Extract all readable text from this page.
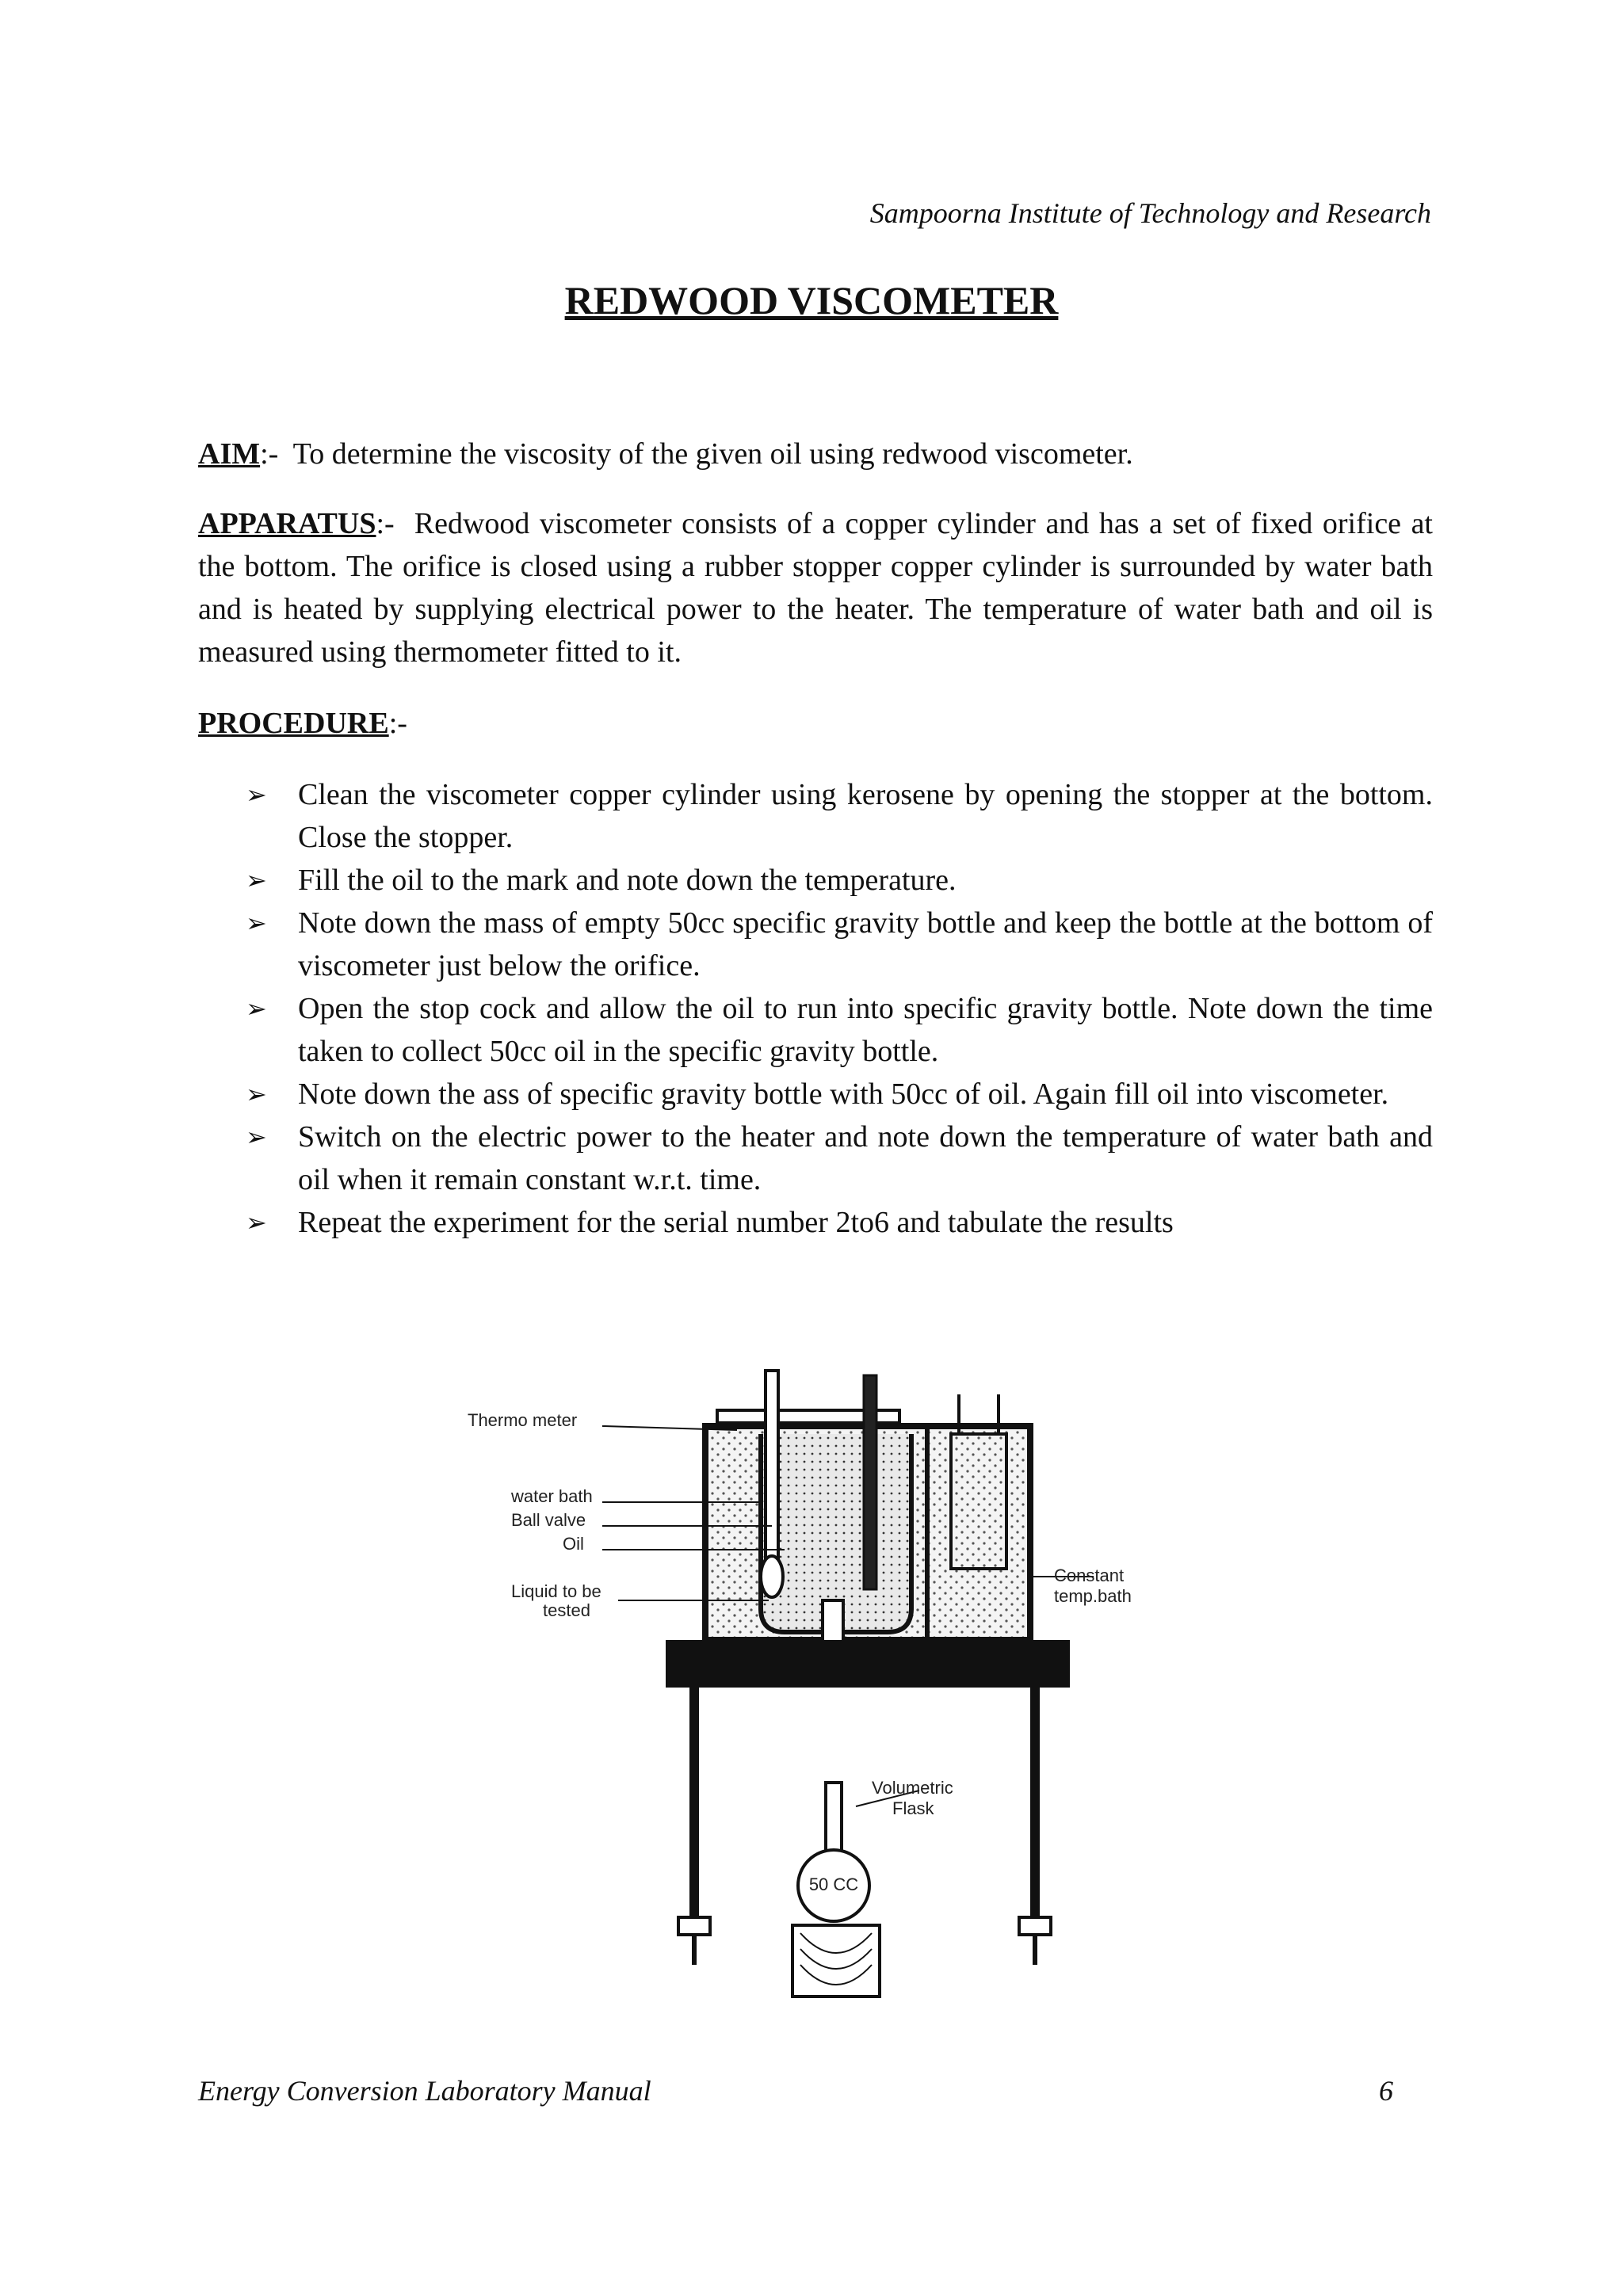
Sampoorna Institute of Technology and Research
REDWOOD VISCOMETER
AIM:- To determine the viscosity of the given oil using redwood viscometer.
APPARATUS:- Redwood viscometer consists of a copper cylinder and has a set of fixed orifice at the bottom. The orifice is closed using a rubber stopper copper cylinder is surrounded by water bath and is heated by supplying electrical power to the heater. The temperature of water bath and oil is measured using thermometer fitted to it.
PROCEDURE:-
➢ Clean the viscometer copper cylinder using kerosene by opening the stopper at the bottom. Close the stopper.
➢ Fill the oil to the mark and note down the temperature.
➢ Note down the mass of empty 50cc specific gravity bottle and keep the bottle at the bottom of viscometer just below the orifice.
➢ Open the stop cock and allow the oil to run into specific gravity bottle. Note down the time taken to collect 50cc oil in the specific gravity bottle.
➢ Note down the ass of specific gravity bottle with 50cc of oil. Again fill oil into viscometer.
➢ Switch on the electric power to the heater and note down the temperature of water bath and oil when it remain constant w.r.t. time.
➢ Repeat the experiment for the serial number 2to6 and tabulate the results
50 CC
Thermo meter
water bath
Ball valve
Oil
Liquid to be
tested
Constant
temp.bath
Volumetric
Flask
Energy Conversion Laboratory Manual	6
